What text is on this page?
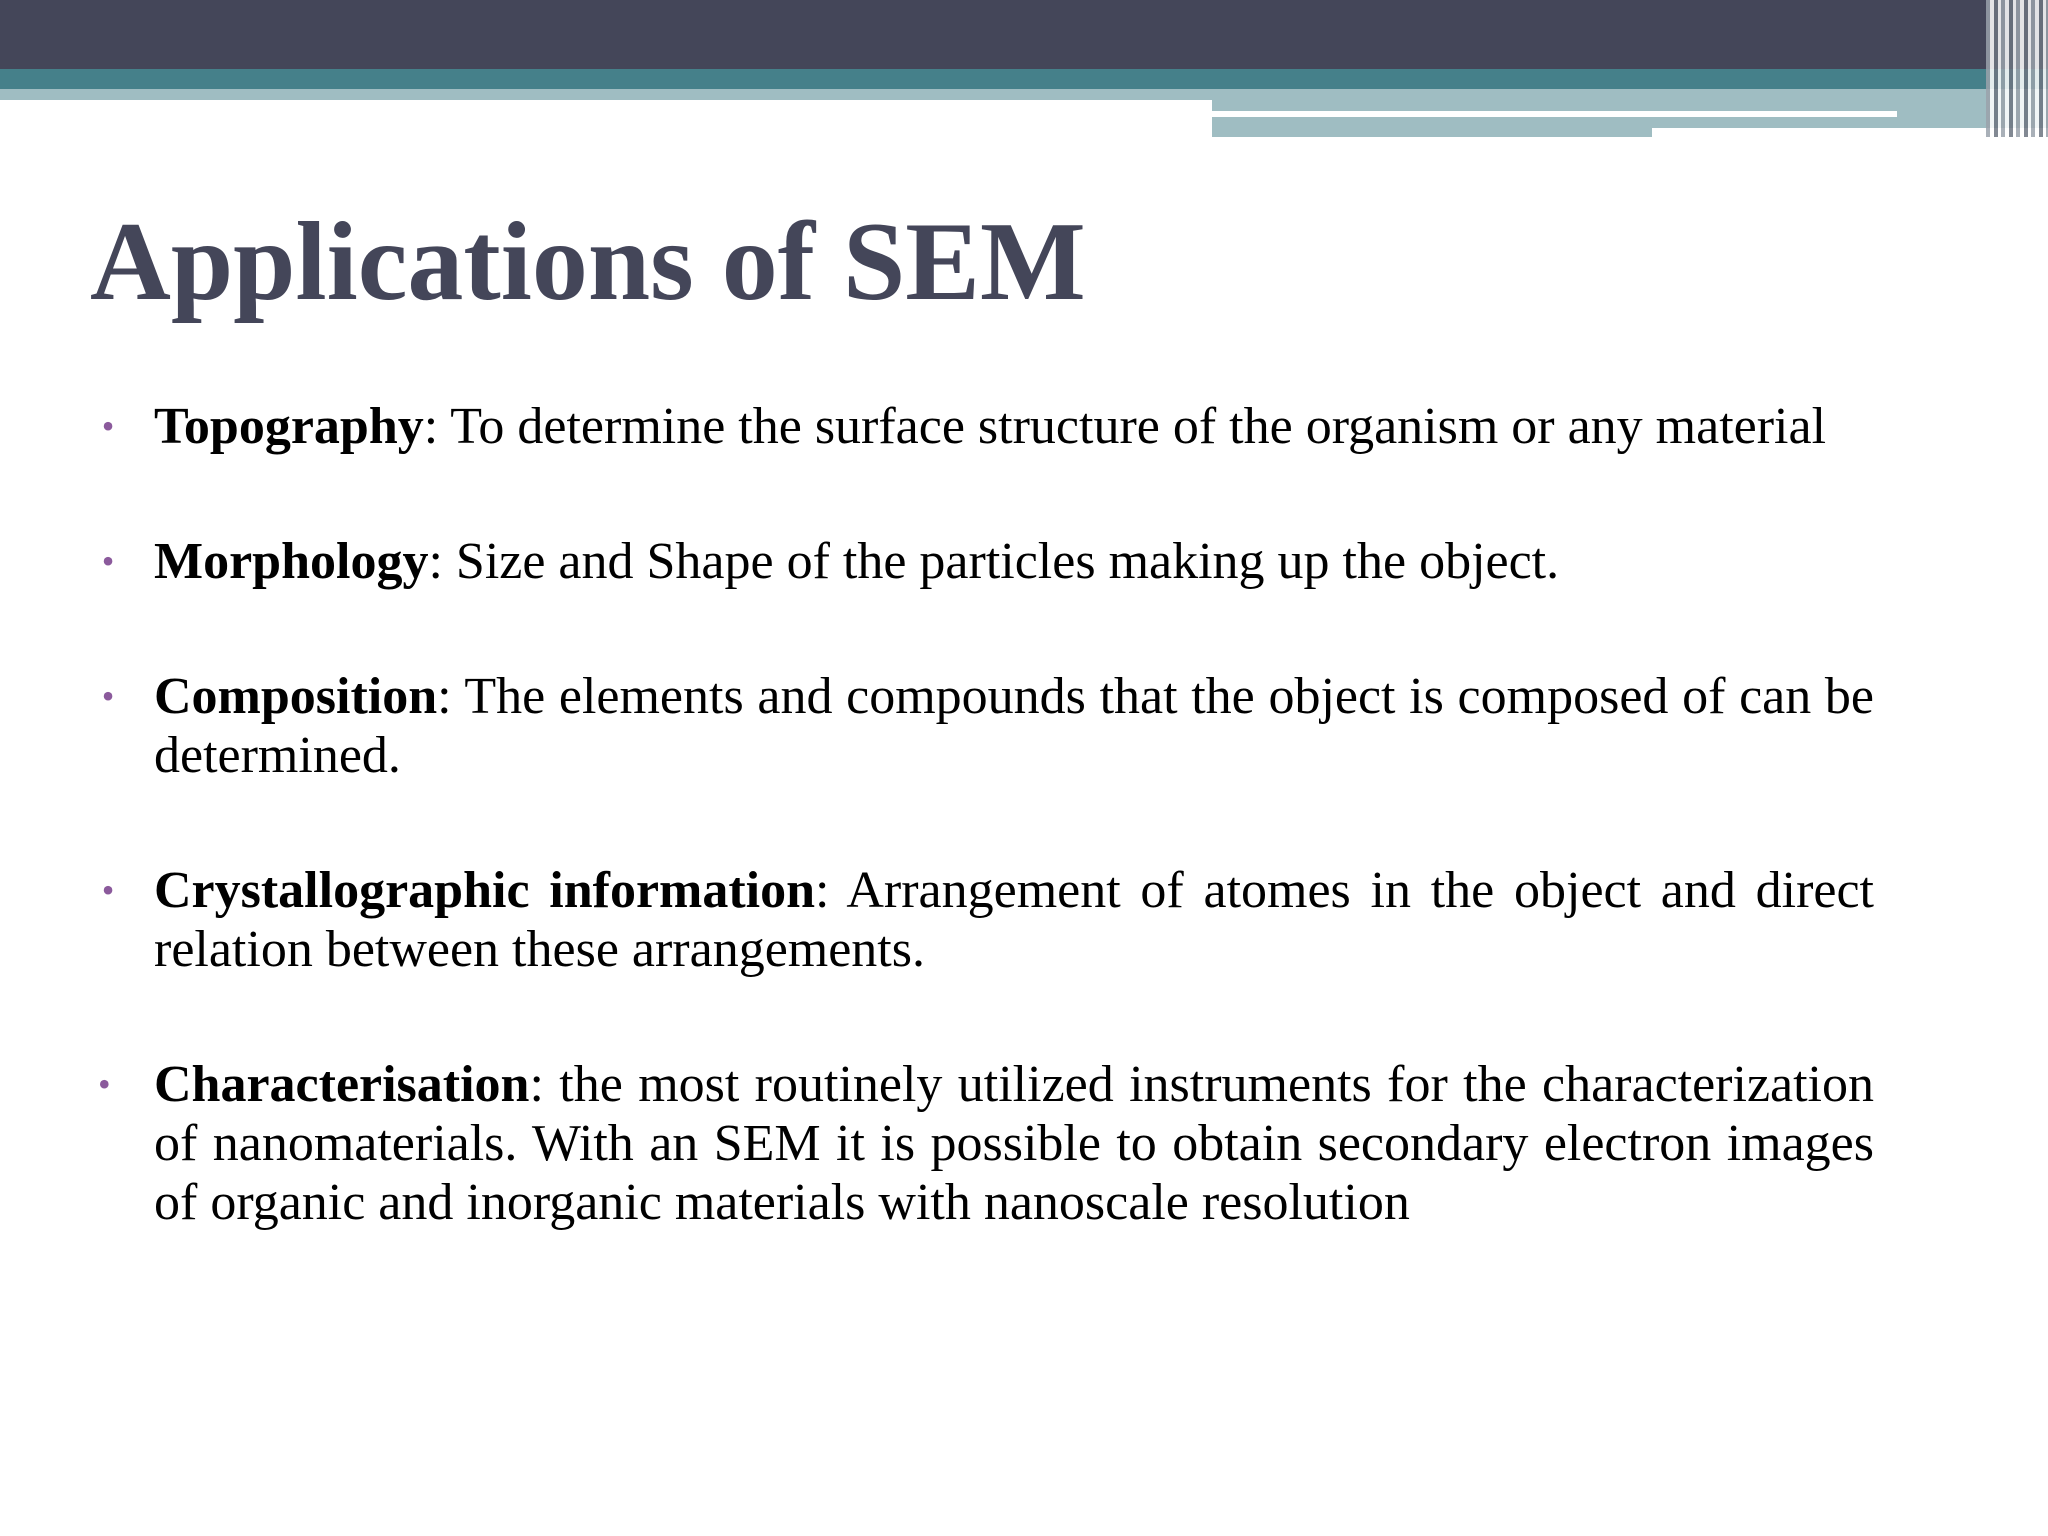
Applications of SEM
• Topography: To determine the surface structure of the organism or any material
• Morphology: Size and Shape of the particles making up the object.
• Composition: The elements and compounds that the object is composed of can be determined.
• Crystallographic information: Arrangement of atomes in the object and direct relation between these arrangements.
• Characterisation: the most routinely utilized instruments for the characterization of nanomaterials. With an SEM it is possible to obtain secondary electron images of organic and inorganic materials with nanoscale resolution
